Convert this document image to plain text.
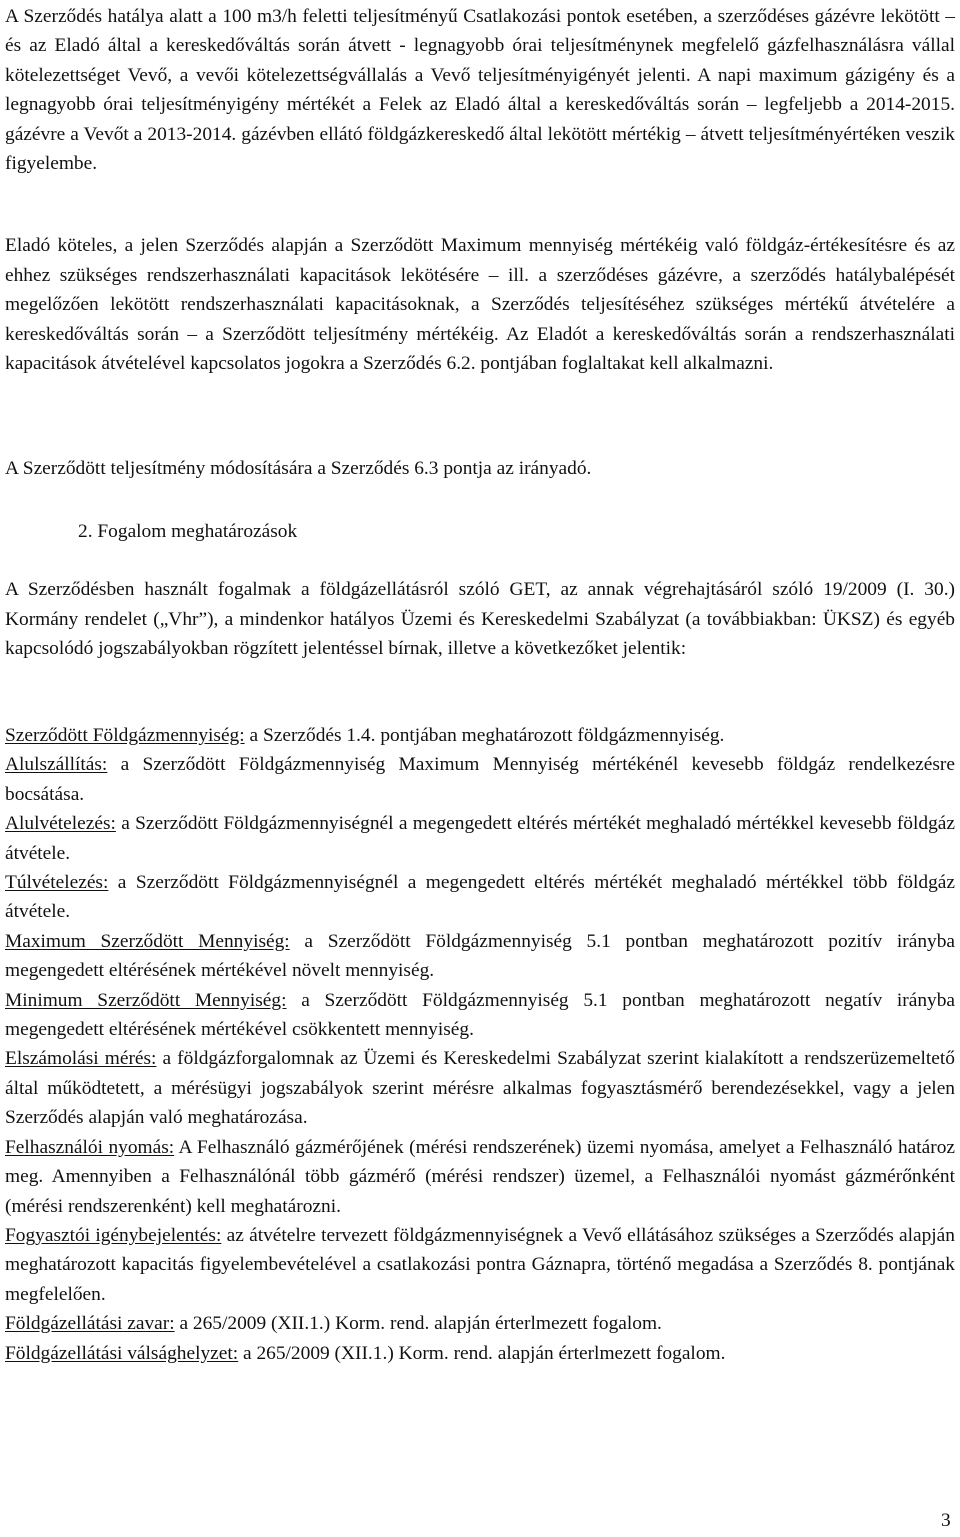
A Szerződés hatálya alatt a 100 m3/h feletti teljesítményű Csatlakozási pontok esetében, a szerződéses gázévre lekötött – és az Eladó által a kereskedőváltás során átvett - legnagyobb órai teljesítménynek megfelelő gázfelhasználásra vállal kötelezettséget Vevő, a vevői kötelezettségvállalás a Vevő teljesítményigényét jelenti. A napi maximum gázigény és a legnagyobb órai teljesítményigény mértékét a Felek az Eladó által a kereskedőváltás során – legfeljebb a 2014-2015. gázévre a Vevőt a 2013-2014. gázévben ellátó földgázkereskedő által lekötött mértékig – átvett teljesítményértéken veszik figyelembe.

Eladó köteles, a jelen Szerződés alapján a Szerződött Maximum mennyiség mértékéig való földgáz-értékesítésre és az ehhez szükséges rendszerhasználati kapacitások lekötésére – ill. a szerződéses gázévre, a szerződés hatálybalépését megelőzően lekötött rendszerhasználati kapacitásoknak, a Szerződés teljesítéséhez szükséges mértékű átvételére a kereskedőváltás során – a Szerződött teljesítmény mértékéig. Az Eladót a kereskedőváltás során a rendszerhasználati kapacitások átvételével kapcsolatos jogokra a Szerződés 6.2. pontjában foglaltakat kell alkalmazni.

A Szerződött teljesítmény módosítására a Szerződés 6.3 pontja az irányadó.

2. Fogalom meghatározások

A Szerződésben használt fogalmak a földgázellátásról szóló GET, az annak végrehajtásáról szóló 19/2009 (I. 30.) Kormány rendelet („Vhr”), a mindenkor hatályos Üzemi és Kereskedelmi Szabályzat (a továbbiakban: ÜKSZ) és egyéb kapcsolódó jogszabályokban rögzített jelentéssel bírnak, illetve a következőket jelentik:

Szerződött Földgázmennyiség: a Szerződés 1.4. pontjában meghatározott földgázmennyiség.

Alulszállítás: a Szerződött Földgázmennyiség Maximum Mennyiség mértékénél kevesebb földgáz rendelkezésre bocsátása.

Alulvételezés: a Szerződött Földgázmennyiségnél a megengedett eltérés mértékét meghaladó mértékkel kevesebb földgáz átvétele.

Túlvételezés: a Szerződött Földgázmennyiségnél a megengedett eltérés mértékét meghaladó mértékkel több földgáz átvétele.

Maximum Szerződött Mennyiség: a Szerződött Földgázmennyiség 5.1 pontban meghatározott pozitív irányba megengedett eltérésének mértékével növelt mennyiség.

Minimum Szerződött Mennyiség: a Szerződött Földgázmennyiség 5.1 pontban meghatározott negatív irányba megengedett eltérésének mértékével csökkentett mennyiség.

Elszámolási mérés: a földgázforgalomnak az Üzemi és Kereskedelmi Szabályzat szerint kialakított a rendszerüzemeltető által működtetett, a mérésügyi jogszabályok szerint mérésre alkalmas fogyasztásmérő berendezésekkel, vagy a jelen Szerződés alapján való meghatározása.

Felhasználói nyomás: A Felhasználó gázmérőjének (mérési rendszerének) üzemi nyomása, amelyet a Felhasználó határoz meg. Amennyiben a Felhasználónál több gázmérő (mérési rendszer) üzemel, a Felhasználói nyomást gázmérőnként (mérési rendszerenként) kell meghatározni.

Fogyasztói igénybejelentés: az átvételre tervezett földgázmennyiségnek a Vevő ellátásához szükséges a Szerződés alapján meghatározott kapacitás figyelembevételével a csatlakozási pontra Gáznapra, történő megadása a Szerződés 8. pontjának megfelelően.

Földgázellátási zavar: a 265/2009 (XII.1.) Korm. rend. alapján érterlmezett fogalom.

Földgázellátási válsághelyzet: a 265/2009 (XII.1.) Korm. rend. alapján érterlmezett fogalom.

3
